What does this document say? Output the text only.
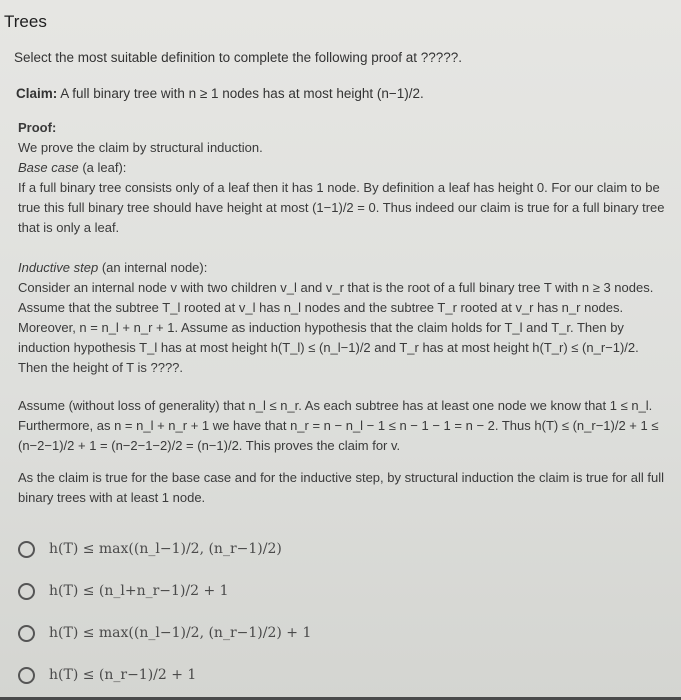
Trees
Select the most suitable definition to complete the following proof at ?????.
Claim: A full binary tree with n ≥ 1 nodes has at most height (n−1)/2.

Proof:

We prove the claim by structural induction.

Base case (a leaf):

If a full binary tree consists only of a leaf then it has 1 node. By definition a leaf has height 0. For our claim to be true this full binary tree should have height at most (1−1)/2 = 0. Thus indeed our claim is true for a full binary tree that is only a leaf.

Inductive step (an internal node):

Consider an internal node v with two children v_l and v_r that is the root of a full binary tree T with n ≥ 3 nodes. Assume that the subtree T_l rooted at v_l has n_l nodes and the subtree T_r rooted at v_r has n_r nodes. Moreover, n = n_l + n_r + 1. Assume as induction hypothesis that the claim holds for T_l and T_r. Then by induction hypothesis T_l has at most height h(T_l) ≤ (n_l−1)/2 and T_r has at most height h(T_r) ≤ (n_r−1)/2. Then the height of T is ????.

Assume (without loss of generality) that n_l ≤ n_r. As each subtree has at least one node we know that 1 ≤ n_l. Furthermore, as n = n_l + n_r + 1 we have that n_r = n − n_l − 1 ≤ n − 1 − 1 = n − 2. Thus h(T) ≤ (n_r−1)/2 + 1 ≤ (n−2−1)/2 + 1 = (n−2−1−2)/2 = (n−1)/2. This proves the claim for v.

As the claim is true for the base case and for the inductive step, by structural induction the claim is true for all full binary trees with at least 1 node.

h(T) ≤ max((n_l−1)/2, (n_r−1)/2)
h(T) ≤ (n_l+n_r−1)/2 + 1
h(T) ≤ max((n_l−1)/2, (n_r−1)/2) + 1
h(T) ≤ (n_r−1)/2 + 1
